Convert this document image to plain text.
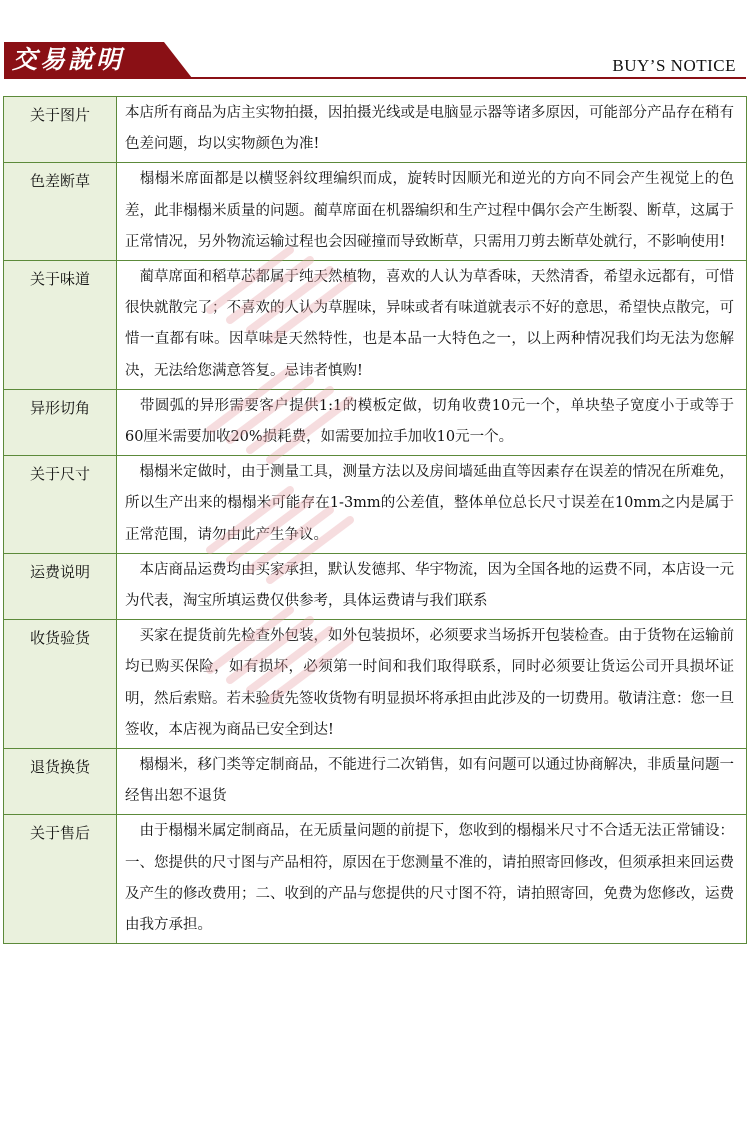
交易說明	BUY’S NOTICE
关于图片	本店所有商品为店主实物拍摄，因拍摄光线或是电脑显示器等诸多原因，可能部分产品存在稍有色差问题，均以实物颜色为准!
色差断草	　榻榻米席面都是以横竖斜纹理编织而成，旋转时因顺光和逆光的方向不同会产生视觉上的色差，此非榻榻米质量的问题。蔺草席面在机器编织和生产过程中偶尔会产生断裂、断草，这属于正常情况，另外物流运输过程也会因碰撞而导致断草，只需用刀剪去断草处就行，不影响使用!
关于味道	　蔺草席面和稻草芯都属于纯天然植物，喜欢的人认为草香味，天然清香，希望永远都有，可惜很快就散完了；不喜欢的人认为草腥味，异味或者有味道就表示不好的意思，希望快点散完，可惜一直都有味。因草味是天然特性，也是本品一大特色之一，以上两种情况我们均无法为您解决，无法给您满意答复。忌讳者慎购!
异形切角	　带圆弧的异形需要客户提供1:1的模板定做，切角收费10元一个，单块垫子宽度小于或等于60厘米需要加收20%损耗费，如需要加拉手加收10元一个。
关于尺寸	　榻榻米定做时，由于测量工具，测量方法以及房间墙延曲直等因素存在误差的情况在所难免，所以生产出来的榻榻米可能存在1-3mm的公差值，整体单位总长尺寸误差在10mm之内是属于正常范围，请勿由此产生争议。
运费说明	　本店商品运费均由买家承担，默认发德邦、华宇物流，因为全国各地的运费不同，本店设一元为代表，淘宝所填运费仅供参考，具体运费请与我们联系
收货验货	　买家在提货前先检查外包装，如外包装损坏，必须要求当场拆开包装检查。由于货物在运输前均已购买保险，如有损坏，必须第一时间和我们取得联系，同时必须要让货运公司开具损坏证明，然后索赔。若未验货先签收货物有明显损坏将承担由此涉及的一切费用。敬请注意：您一旦签收，本店视为商品已安全到达!
退货换货	　榻榻米，移门类等定制商品，不能进行二次销售，如有问题可以通过协商解决，非质量问题一经售出恕不退货
关于售后	　由于榻榻米属定制商品，在无质量问题的前提下，您收到的榻榻米尺寸不合适无法正常铺设：一、您提供的尺寸图与产品相符，原因在于您测量不准的，请拍照寄回修改，但须承担来回运费及产生的修改费用；二、收到的产品与您提供的尺寸图不符，请拍照寄回，免费为您修改，运费由我方承担。
